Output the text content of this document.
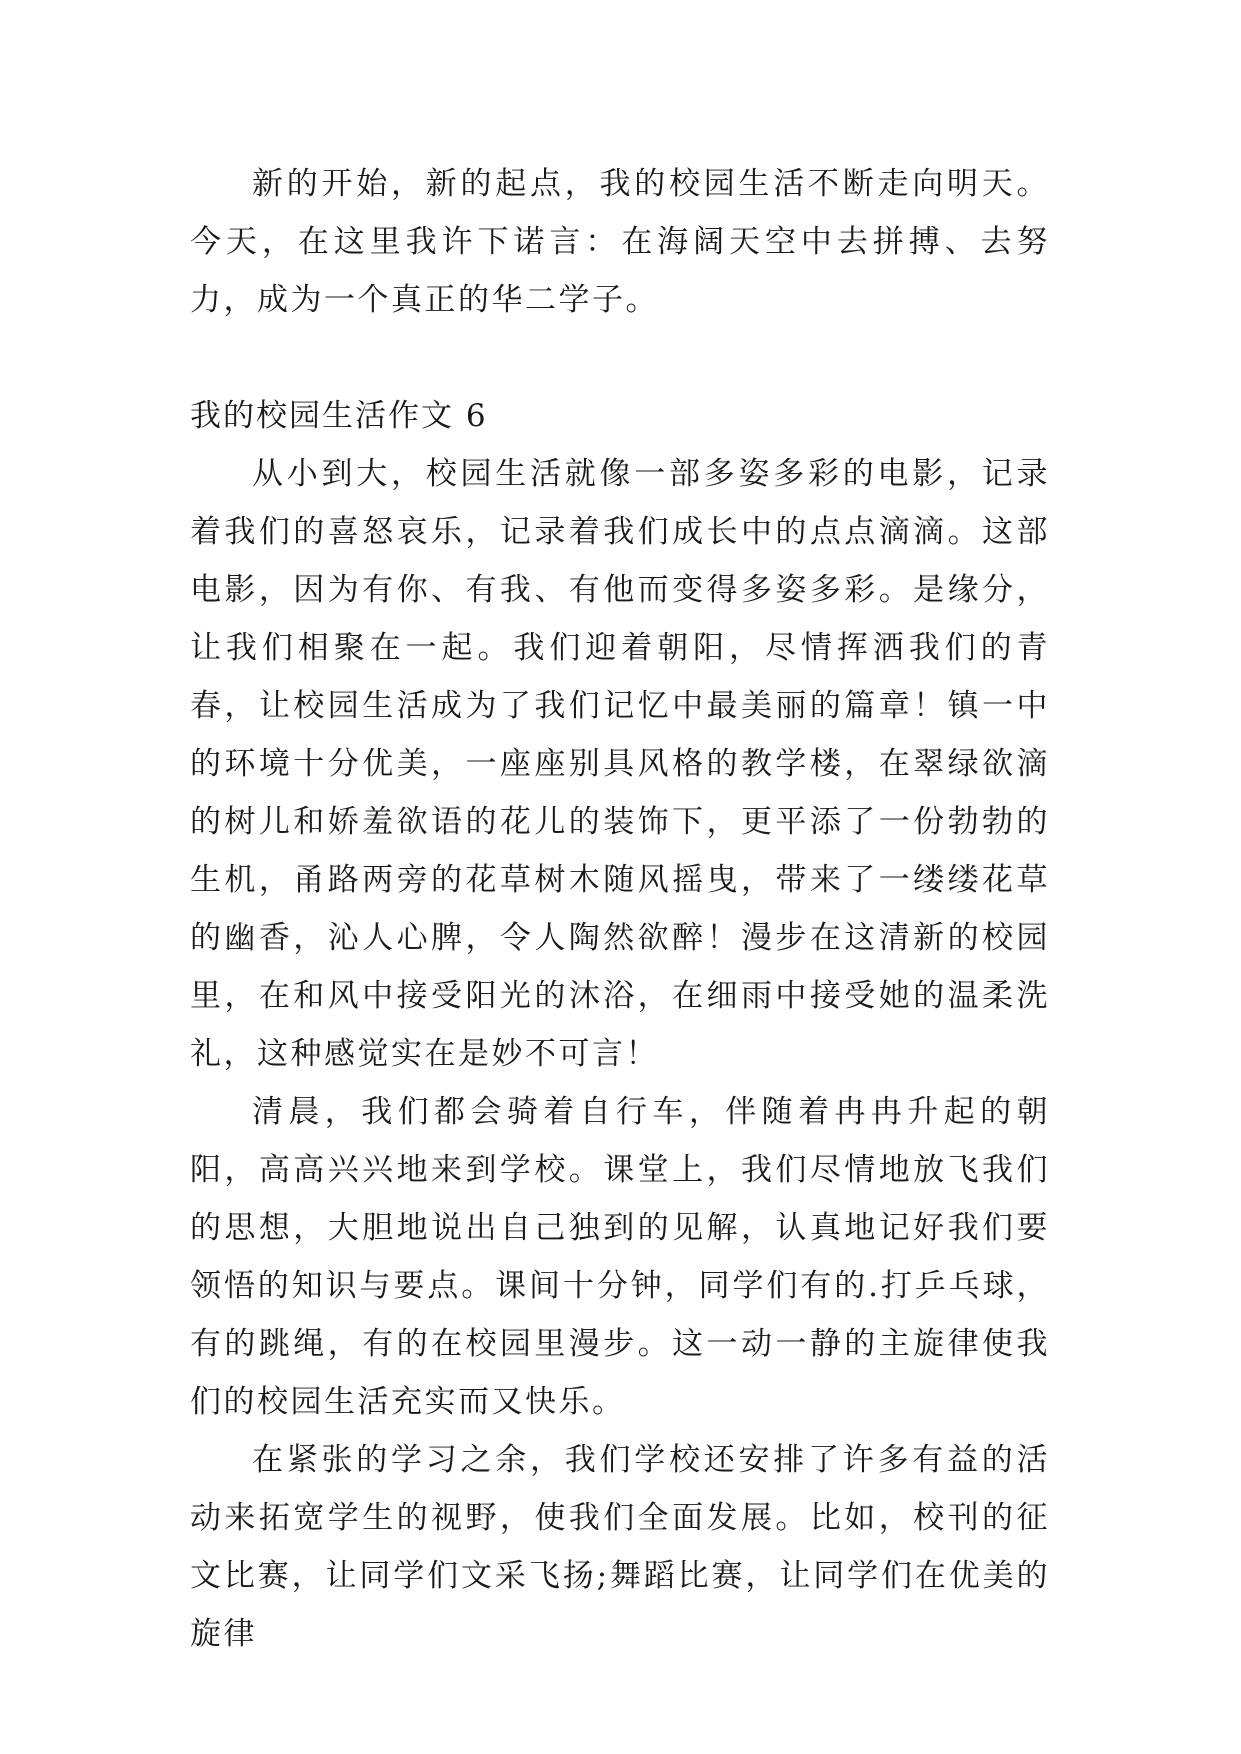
新的开始，新的起点，我的校园生活不断走向明天。今天，在这里我许下诺言：在海阔天空中去拼搏、去努力，成为一个真正的华二学子。

我的校园生活作文 6

从小到大，校园生活就像一部多姿多彩的电影，记录着我们的喜怒哀乐，记录着我们成长中的点点滴滴。这部电影，因为有你、有我、有他而变得多姿多彩。是缘分，让我们相聚在一起。我们迎着朝阳，尽情挥洒我们的青春，让校园生活成为了我们记忆中最美丽的篇章！镇一中的环境十分优美，一座座别具风格的教学楼，在翠绿欲滴的树儿和娇羞欲语的花儿的装饰下，更平添了一份勃勃的生机，甬路两旁的花草树木随风摇曳，带来了一缕缕花草的幽香，沁人心脾，令人陶然欲醉！漫步在这清新的校园里，在和风中接受阳光的沐浴，在细雨中接受她的温柔洗礼，这种感觉实在是妙不可言！

清晨，我们都会骑着自行车，伴随着冉冉升起的朝阳，高高兴兴地来到学校。课堂上，我们尽情地放飞我们的思想，大胆地说出自己独到的见解，认真地记好我们要领悟的知识与要点。课间十分钟，同学们有的.打乒乓球，有的跳绳，有的在校园里漫步。这一动一静的主旋律使我们的校园生活充实而又快乐。

在紧张的学习之余，我们学校还安排了许多有益的活动来拓宽学生的视野，使我们全面发展。比如，校刊的征文比赛，让同学们文采飞扬;舞蹈比赛，让同学们在优美的旋律
